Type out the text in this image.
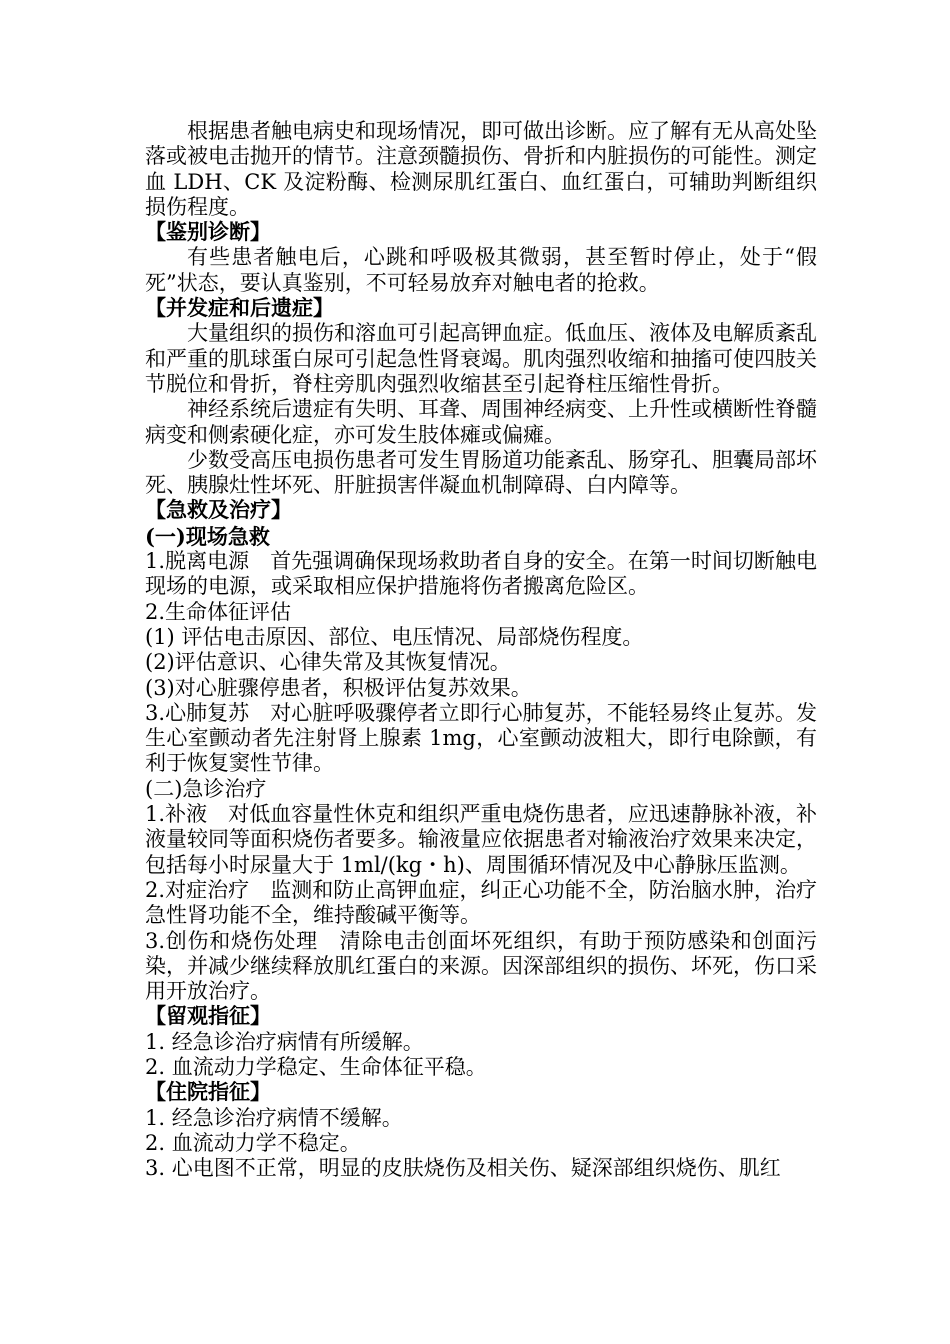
根据患者触电病史和现场情况，即可做出诊断。应了解有无从高处坠落或被电击抛开的情节。注意颈髓损伤、骨折和内脏损伤的可能性。测定血 LDH、CK 及淀粉酶、检测尿肌红蛋白、血红蛋白，可辅助判断组织损伤程度。

【鉴别诊断】

有些患者触电后，心跳和呼吸极其微弱，甚至暂时停止，处于“假死”状态，要认真鉴别，不可轻易放弃对触电者的抢救。

【并发症和后遗症】

大量组织的损伤和溶血可引起高钾血症。低血压、液体及电解质紊乱和严重的肌球蛋白尿可引起急性肾衰竭。肌肉强烈收缩和抽搐可使四肢关节脱位和骨折，脊柱旁肌肉强烈收缩甚至引起脊柱压缩性骨折。

神经系统后遗症有失明、耳聋、周围神经病变、上升性或横断性脊髓病变和侧索硬化症，亦可发生肢体瘫或偏瘫。

少数受高压电损伤患者可发生胃肠道功能紊乱、肠穿孔、胆囊局部坏死、胰腺灶性坏死、肝脏损害伴凝血机制障碍、白内障等。

【急救及治疗】

(一)现场急救

1.脱离电源　首先强调确保现场救助者自身的安全。在第一时间切断触电现场的电源，或采取相应保护措施将伤者搬离危险区。

2.生命体征评估

(1) 评估电击原因、部位、电压情况、局部烧伤程度。

(2)评估意识、心律失常及其恢复情况。

(3)对心脏骤停患者，积极评估复苏效果。

3.心肺复苏　对心脏呼吸骤停者立即行心肺复苏，不能轻易终止复苏。发生心室颤动者先注射肾上腺素 1mg，心室颤动波粗大，即行电除颤，有利于恢复窦性节律。

(二)急诊治疗

1.补液　对低血容量性休克和组织严重电烧伤患者，应迅速静脉补液，补液量较同等面积烧伤者要多。输液量应依据患者对输液治疗效果来决定，包括每小时尿量大于 1ml/(kg・h)、周围循环情况及中心静脉压监测。

2.对症治疗　监测和防止高钾血症，纠正心功能不全，防治脑水肿，治疗急性肾功能不全，维持酸碱平衡等。

3.创伤和烧伤处理　清除电击创面坏死组织，有助于预防感染和创面污染，并减少继续释放肌红蛋白的来源。因深部组织的损伤、坏死，伤口采用开放治疗。

【留观指征】

1. 经急诊治疗病情有所缓解。

2. 血流动力学稳定、生命体征平稳。

【住院指征】

1. 经急诊治疗病情不缓解。

2. 血流动力学不稳定。

3. 心电图不正常，明显的皮肤烧伤及相关伤、疑深部组织烧伤、肌红
